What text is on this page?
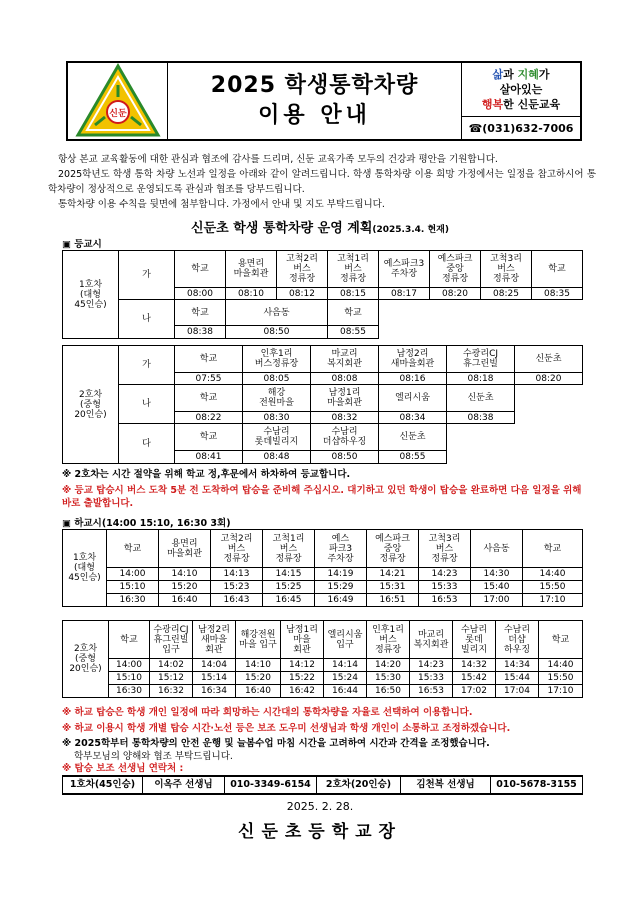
신둔
2025 학생통학차량
이용 안내
삶과 지혜가
살아있는
행복한 신둔교육
☎(031)632-7006

항상 본교 교육활동에 대한 관심과 협조에 감사를 드리며, 신둔 교육가족 모두의 건강과 평안을 기원합니다.

2025학년도 학생 통학 차량 노선과 일정을 아래와 같이 알려드립니다. 학생 통학차량 이용 희망 가정에서는 일정을 참고하시어 통학차량이 정상적으로 운영되도록 관심과 협조를 당부드립니다.

통학차량 이용 수칙을 뒷면에 첨부합니다. 가정에서 안내 및 지도 부탁드립니다.

신둔초 학생 통학차량 운영 계획(2025.3.4. 현재)
▣ 등교시
1호차
(대형
45인승)	가	학교	용면리
마을회관	고척2리
버스
정류장	고척1리
버스
정류장	예스파크3
주차장	예스파크
중앙
정류장	고척3리
버스
정류장	학교
		08:00	08:10	08:12	08:15	08:17	08:20	08:25	08:35
	나	학교	사음동		학교				
		08:38	08:50		08:55				
2호차
(중형
20인승)	가	학교	인후1리
버스정류장	마교리
복지회관	남정2리
새마을회관	수광리CJ
휴그린빌	신둔초
		07:55	08:05	08:08	08:16	08:18	08:20
	나	학교	해강
전원마을	남정1리
마을회관	엘리시움	신둔초	
		08:22	08:30	08:32	08:34	08:38	
	다	학교	수남리
롯데빌리지	수남리
더샵하우징	신둔초		
		08:41	08:48	08:50	08:55		
※ 2호차는 시간 절약을 위해 학교 정,후문에서 하차하여 등교합니다.
※ 등교 탑승시 버스 도착 5분 전 도착하여 탑승을 준비해 주십시오. 대기하고 있던 학생이 탑승을 완료하면 다음 일정을 위해 바로 출발합니다.
▣ 하교시(14:00 15:10, 16:30 3회)
1호차
(대형
45인승)	학교	용면리
마을회관	고척2리
버스
정류장	고척1리
버스
정류장	예스
파크3
주차장	예스파크
중앙
정류장	고척3리
버스
정류장	사음동	학교
	14:00	14:10	14:13	14:15	14:19	14:21	14:23	14:30	14:40
	15:10	15:20	15:23	15:25	15:29	15:31	15:33	15:40	15:50
	16:30	16:40	16:43	16:45	16:49	16:51	16:53	17:00	17:10
2호차
(중형
20인승)	학교	수광리CJ
휴그린빌
입구	남정2리
새마을
회관	해강전원
마을 입구	남정1리
마을
회관	엘리시움
입구	인후1리
버스
정류장	마교리
복지회관	수남리
롯데
빌리지	수남리
더샵
하우징	학교
	14:00	14:02	14:04	14:10	14:12	14:14	14:20	14:23	14:32	14:34	14:40
	15:10	15:12	15:14	15:20	15:22	15:24	15:30	15:33	15:42	15:44	15:50
	16:30	16:32	16:34	16:40	16:42	16:44	16:50	16:53	17:02	17:04	17:10
※ 하교 탑승은 학생 개인 일정에 따라 희망하는 시간대의 통학차량을 자율로 선택하여 이용합니다.
※ 하교 이용시 학생 개별 탑승 시간·노선 등은 보조 도우미 선생님과 학생 개인이 소통하고 조정하겠습니다.
※ 2025학부터 통학차량의 안전 운행 및 늘봄수업 마침 시간을 고려하여 시간과 간격을 조정했습니다.
학부모님의 양해와 협조 부탁드립니다.
※ 탑승 보조 선생님 연락처 :
1호차(45인승)	이옥주 선생님	010-3349-6154	2호차(20인승)	김천복 선생님	010-5678-3155
2025. 2. 28.
신둔초등학교장
